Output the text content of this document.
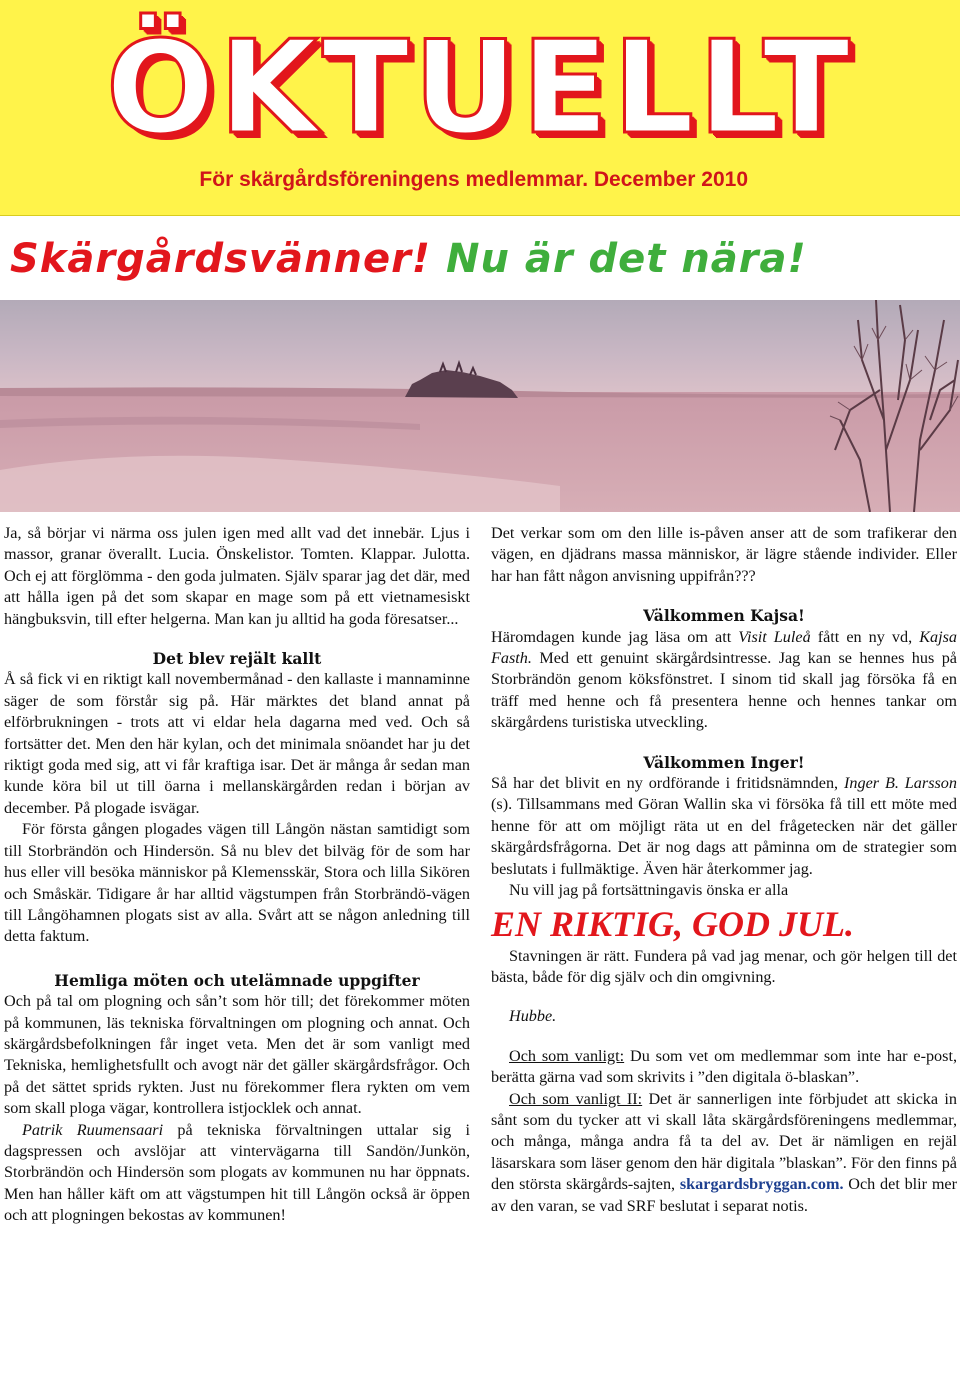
ÖKTUELLT
För skärgårdsföreningens medlemmar. December 2010
Skärgårdsvänner! Nu är det nära!

Ja, så börjar vi närma oss julen igen med allt vad det innebär. Ljus i massor, granar överallt. Lucia. Önskelistor. Tomten. Klappar. Julotta. Och ej att förglömma - den goda julmaten. Själv sparar jag det där, med att hålla igen på det som skapar en mage som på ett vietnamesiskt hängbuksvin, till efter helgerna. Man kan ju alltid ha goda föresatser...

Det blev rejält kallt

Å så fick vi en riktigt kall novembermånad - den kallaste i mannaminne säger de som förstår sig på. Här märktes det bland annat på elförbrukningen - trots att vi eldar hela dagarna med ved. Och så fortsätter det. Men den här kylan, och det minimala snöandet har ju det riktigt goda med sig, att vi får kraftiga isar. Det är många år sedan man kunde köra bil ut till öarna i mellanskärgården redan i början av december. På plogade isvägar.

För första gången plogades vägen till Långön nästan samtidigt som till Storbrändön och Hindersön. Så nu blev det bilväg för de som har hus eller vill besöka människor på Klemensskär, Stora och lilla Sikören och Småskär. Tidigare år har alltid vägstumpen från Storbrändö-vägen till Långöhamnen plogats sist av alla. Svårt att se någon anledning till detta faktum.

Hemliga möten och utelämnade uppgifter

Och på tal om plogning och sån’t som hör till; det förekommer möten på kommunen, läs tekniska förvaltningen om plogning och annat. Och skärgårdsbefolkningen får inget veta. Men det är som vanligt med Tekniska, hemlighetsfullt och avogt när det gäller skärgårdsfrågor. Och på det sättet sprids rykten. Just nu förekommer flera rykten om vem som skall ploga vägar, kontrollera istjocklek och annat.

Patrik Ruumensaari på tekniska förvaltningen uttalar sig i dagspressen och avslöjar att vintervägarna till Sandön/Junkön, Storbrändön och Hindersön som plogats av kommunen nu har öppnats. Men han håller käft om att vägstumpen hit till Långön också är öppen och att plogningen bekostas av kommunen!

Det verkar som om den lille is-påven anser att de som trafikerar den vägen, en djädrans massa människor, är lägre stående individer. Eller har han fått någon anvisning uppifrån???

Välkommen Kajsa!

Häromdagen kunde jag läsa om att Visit Luleå fått en ny vd, Kajsa Fasth. Med ett genuint skärgårdsintresse. Jag kan se hennes hus på Storbrändön genom köksfönstret. I sinom tid skall jag försöka få en träff med henne och få presentera henne och hennes tankar om skärgårdens turistiska utveckling.

Välkommen Inger!

Så har det blivit en ny ordförande i fritidsnämnden, Inger B. Larsson (s). Tillsammans med Göran Wallin ska vi försöka få till ett möte med henne för att om möjligt räta ut en del frågetecken när det gäller skärgårdsfrågorna. Det är nog dags att påminna om de strategier som beslutats i fullmäktige. Även här återkommer jag.

Nu vill jag på fortsättningavis önska er alla

EN RIKTIG, GOD JUL.

Stavningen är rätt. Fundera på vad jag menar, och gör helgen till det bästa, både för dig själv och din omgivning.

Hubbe.

Och som vanligt: Du som vet om medlemmar som inte har e-post, berätta gärna vad som skrivits i ”den digitala ö-blaskan”.

Och som vanligt II: Det är sannerligen inte förbjudet att skicka in sånt som du tycker att vi skall låta skärgårdsföreningens medlemmar, och många, många andra få ta del av. Det är nämligen en rejäl läsarskara som läser genom den här digitala ”blaskan”. För den finns på den största skärgårds-sajten, skargardsbryggan.com. Och det blir mer av den varan, se vad SRF beslutat i separat notis.
